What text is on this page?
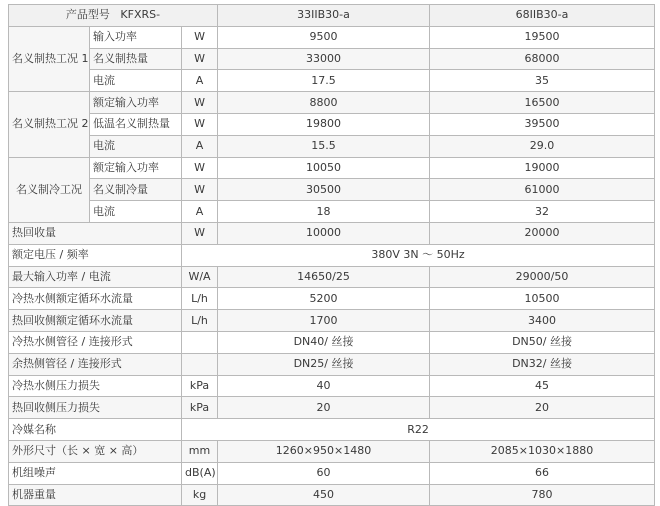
产品型号 KFXRS-			33IIB30-a	68IIB30-a
名义制热工况 1	输入功率	W	9500	19500
	名义制热量	W	33000	68000
	电流	A	17.5	35
名义制热工况 2	额定输入功率	W	8800	16500
	低温名义制热量	W	19800	39500
	电流	A	15.5	29.0
名义制冷工况	额定输入功率	W	10050	19000
	名义制冷量	W	30500	61000
	电流	A	18	32
热回收量		W	10000	20000
额定电压 / 频率		380V 3N ～ 50Hz		
最大输入功率 / 电流		W/A	14650/25	29000/50
冷热水侧额定循环水流量		L/h	5200	10500
热回收侧额定循环水流量		L/h	1700	3400
冷热水侧管径 / 连接形式			DN40/ 丝接	DN50/ 丝接
余热侧管径 / 连接形式			DN25/ 丝接	DN32/ 丝接
冷热水侧压力损失		kPa	40	45
热回收侧压力损失		kPa	20	20
冷媒名称		R22		
外形尺寸（长 × 宽 × 高）		mm	1260×950×1480	2085×1030×1880
机组噪声		dB(A)	60	66
机器重量		kg	450	780
